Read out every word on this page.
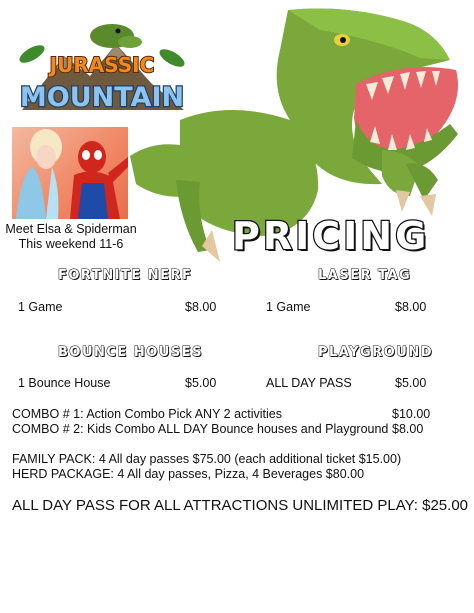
JURASSIC
MOUNTAIN
Meet Elsa & Spiderman
This weekend 11-6	PRICING
FORTNITE NERF
1 Game	$8.00
LASER TAG
1 Game	$8.00
BOUNCE HOUSES
1 Bounce House	$5.00
PLAYGROUND
ALL DAY PASS	$5.00
COMBO # 1: Action Combo Pick ANY 2 activities	$10.00
COMBO # 2: Kids Combo ALL DAY Bounce houses and Playground $8.00
FAMILY PACK: 4 All day passes $75.00 (each additional ticket $15.00)
HERD PACKAGE: 4 All day passes, Pizza, 4 Beverages $80.00
ALL DAY PASS FOR ALL ATTRACTIONS UNLIMITED PLAY: $25.00
